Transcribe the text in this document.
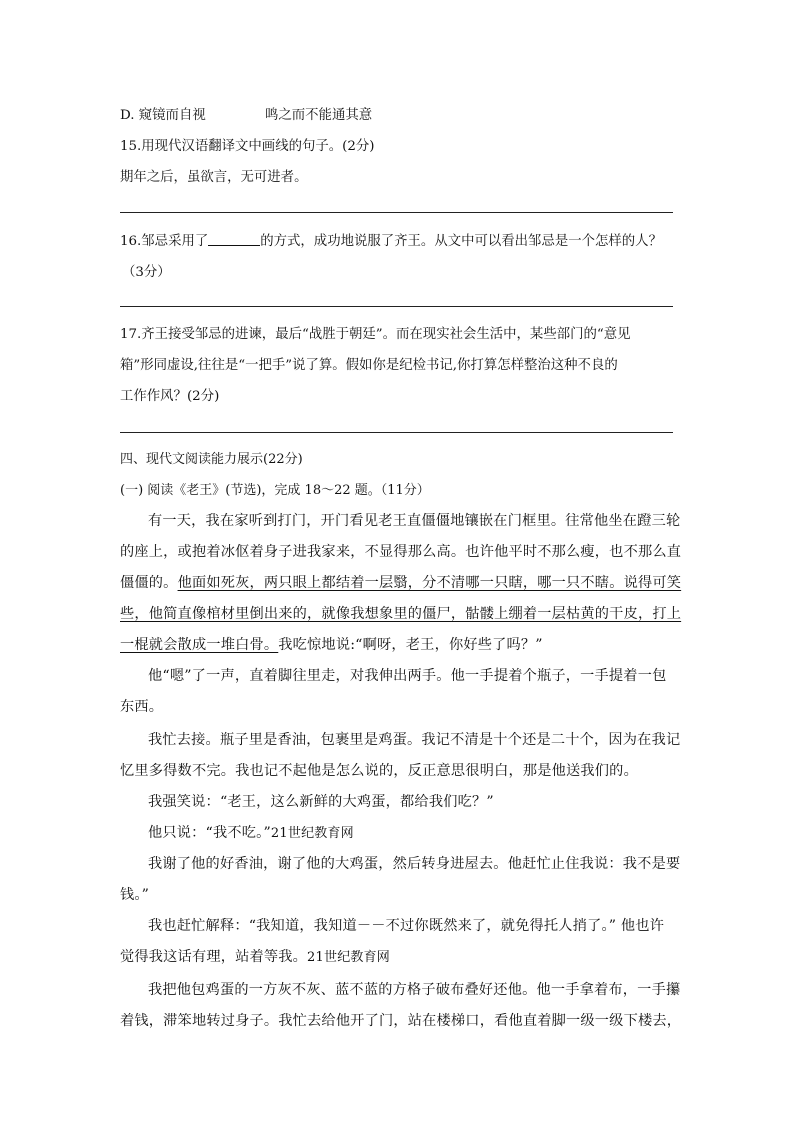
D. 窥镜而自视	鸣之而不能通其意
15.用现代汉语翻译文中画线的句子。(2分)
期年之后，虽欲言，无可进者。
16.邹忌采用了	的方式，成功地说服了齐王。从文中可以看出邹忌是一个怎样的人？
（3分）
17.齐王接受邹忌的进谏，最后“战胜于朝廷”。而在现实社会生活中，某些部门的“意见
箱”形同虚设,往往是“一把手”说了算。假如你是纪检书记,你打算怎样整治这种不良的
工作作风？(2分)
四、现代文阅读能力展示(22分)
(一) 阅读《老王》(节选)，完成 18～22 题。（11分）
有一天，我在家听到打门，开门看见老王直僵僵地镶嵌在门框里。往常他坐在蹬三轮
的座上，或抱着冰伛着身子进我家来，不显得那么高。也许他平时不那么瘦，也不那么直
僵僵的。他面如死灰，两只眼上都结着一层翳，分不清哪一只瞎，哪一只不瞎。说得可笑
些，他简直像棺材里倒出来的，就像我想象里的僵尸，骷髅上绷着一层枯黄的干皮，打上
一棍就会散成一堆白骨。我吃惊地说:“啊呀，老王，你好些了吗？”
他“嗯”了一声，直着脚往里走，对我伸出两手。他一手提着个瓶子，一手提着一包
东西。
我忙去接。瓶子里是香油，包裹里是鸡蛋。我记不清是十个还是二十个，因为在我记
忆里多得数不完。我也记不起他是怎么说的，反正意思很明白，那是他送我们的。
我强笑说：“老王，这么新鲜的大鸡蛋，都给我们吃？”
他只说：“我不吃。”21世纪教育网
我谢了他的好香油，谢了他的大鸡蛋，然后转身进屋去。他赶忙止住我说：我不是要
钱。”
我也赶忙解释：“我知道，我知道－－不过你既然来了，就免得托人捎了。” 他也许
觉得我这话有理，站着等我。21世纪教育网
我把他包鸡蛋的一方灰不灰、蓝不蓝的方格子破布叠好还他。他一手拿着布，一手攥
着钱，滞笨地转过身子。我忙去给他开了门，站在楼梯口，看他直着脚一级一级下楼去，
